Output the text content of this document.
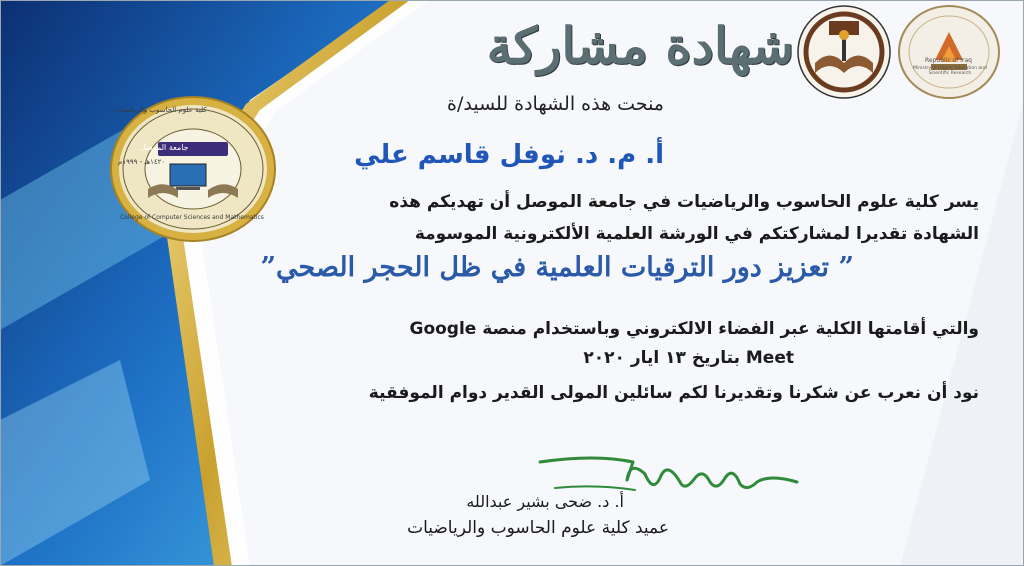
جامعة الموصل
١٤٢٠هـ - ١٩٩٩م
كلية علوم الحاسوب والرياضيات
College of Computer Sciences and Mathematics
Republic of Iraq
Ministry of Higher Education and Scientific Research
شهادة مشاركة
منحت هذه الشهادة للسيد/ة
أ. م. د. نوفل قاسم علي
يسر كلية علوم الحاسوب والرياضيات في جامعة الموصل أن تهديكم هذه
الشهادة تقديرا لمشاركتكم في الورشة العلمية الألكترونية الموسومة
” تعزيز دور الترقيات العلمية في ظل الحجر الصحي”
والتي أقامتها الكلية عبر الفضاء الالكتروني وباستخدام منصة Google
Meet بتاريخ ١٣ ايار ٢٠٢٠
نود أن نعرب عن شكرنا وتقديرنا لكم سائلين المولى القدير دوام الموفقية
أ. د. ضحى بشير عبدالله
عميد كلية علوم الحاسوب والرياضيات
